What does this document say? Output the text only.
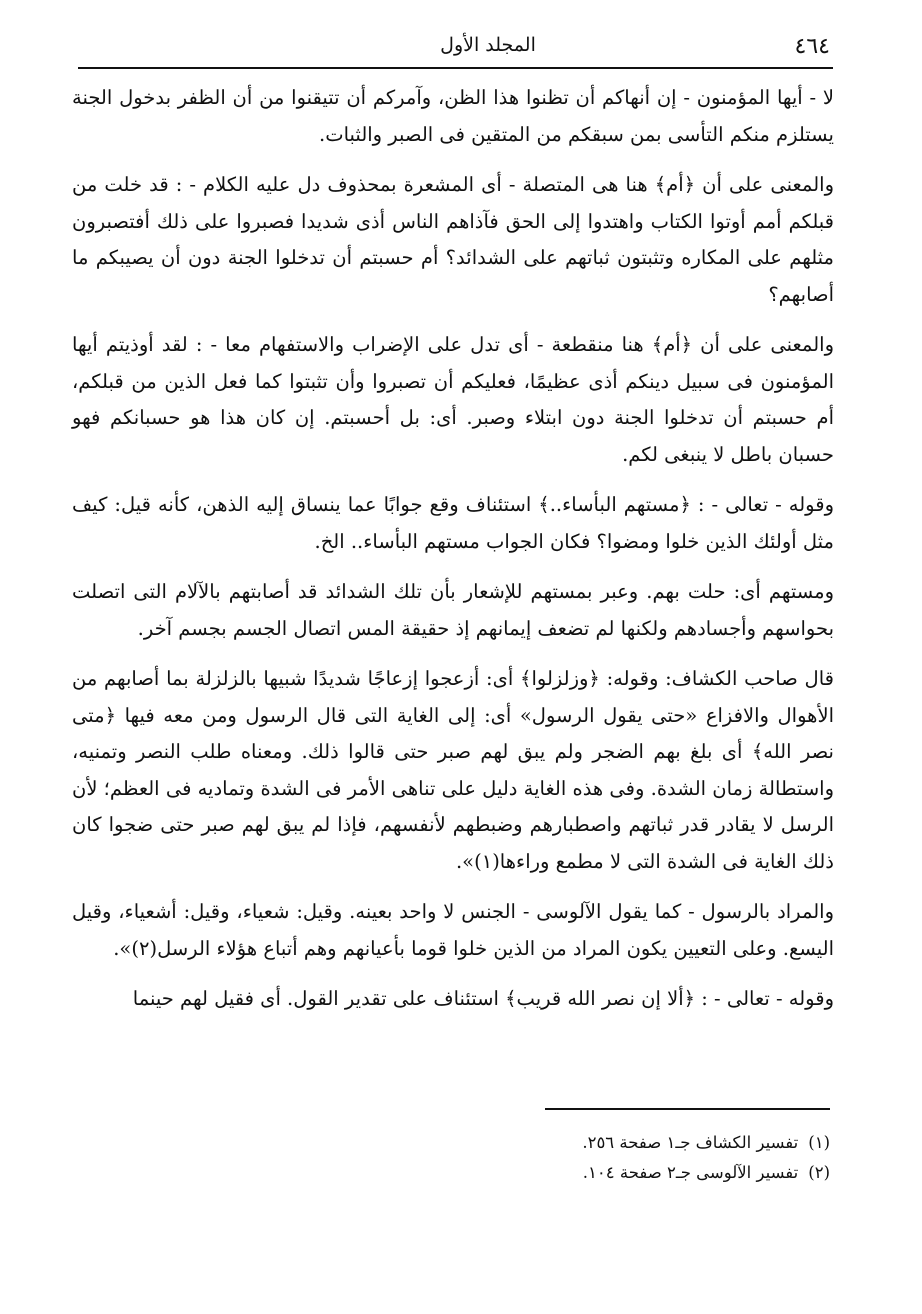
٤٦٤
المجلد الأول

لا - أيها المؤمنون - إن أنهاكم أن تظنوا هذا الظن، وآمركم أن تتيقنوا من أن الظفر بدخول الجنة يستلزم منكم التأسى بمن سبقكم من المتقين فى الصبر والثبات.

والمعنى على أن ﴿أم﴾ هنا هى المتصلة - أى المشعرة بمحذوف دل عليه الكلام - : قد خلت من قبلكم أمم أوتوا الكتاب واهتدوا إلى الحق فآذاهم الناس أذى شديدا فصبروا على ذلك أفتصبرون مثلهم على المكاره وتثبتون ثباتهم على الشدائد؟ أم حسبتم أن تدخلوا الجنة دون أن يصيبكم ما أصابهم؟

والمعنى على أن ﴿أم﴾ هنا منقطعة - أى تدل على الإضراب والاستفهام معا - : لقد أوذيتم أيها المؤمنون فى سبيل دينكم أذى عظيمًا، فعليكم أن تصبروا وأن تثبتوا كما فعل الذين من قبلكم، أم حسبتم أن تدخلوا الجنة دون ابتلاء وصبر. أى: بل أحسبتم. إن كان هذا هو حسبانكم فهو حسبان باطل لا ينبغى لكم.

وقوله - تعالى - : ﴿مستهم البأساء..﴾ استئناف وقع جوابًا عما ينساق إليه الذهن، كأنه قيل: كيف مثل أولئك الذين خلوا ومضوا؟ فكان الجواب مستهم البأساء.. الخ.

ومستهم أى: حلت بهم. وعبر بمستهم للإشعار بأن تلك الشدائد قد أصابتهم بالآلام التى اتصلت بحواسهم وأجسادهم ولكنها لم تضعف إيمانهم إذ حقيقة المس اتصال الجسم بجسم آخر.

قال صاحب الكشاف: وقوله: ﴿وزلزلوا﴾ أى: أزعجوا إزعاجًا شديدًا شبيها بالزلزلة بما أصابهم من الأهوال والافزاع «حتى يقول الرسول» أى: إلى الغاية التى قال الرسول ومن معه فيها ﴿متى نصر الله﴾ أى بلغ بهم الضجر ولم يبق لهم صبر حتى قالوا ذلك. ومعناه طلب النصر وتمنيه، واستطالة زمان الشدة. وفى هذه الغاية دليل على تناهى الأمر فى الشدة وتماديه فى العظم؛ لأن الرسل لا يقادر قدر ثباتهم واصطبارهم وضبطهم لأنفسهم، فإذا لم يبق لهم صبر حتى ضجوا كان ذلك الغاية فى الشدة التى لا مطمع وراءها(١)».

والمراد بالرسول - كما يقول الآلوسى - الجنس لا واحد بعينه. وقيل: شعياء، وقيل: أشعياء، وقيل اليسع. وعلى التعيين يكون المراد من الذين خلوا قوما بأعيانهم وهم أتباع هؤلاء الرسل(٢)».

وقوله - تعالى - : ﴿ألا إن نصر الله قريب﴾ استئناف على تقدير القول. أى فقيل لهم حينما

(١)تفسير الكشاف جـ١ صفحة ٢٥٦.
(٢)تفسير الآلوسى جـ٢ صفحة ١٠٤.
